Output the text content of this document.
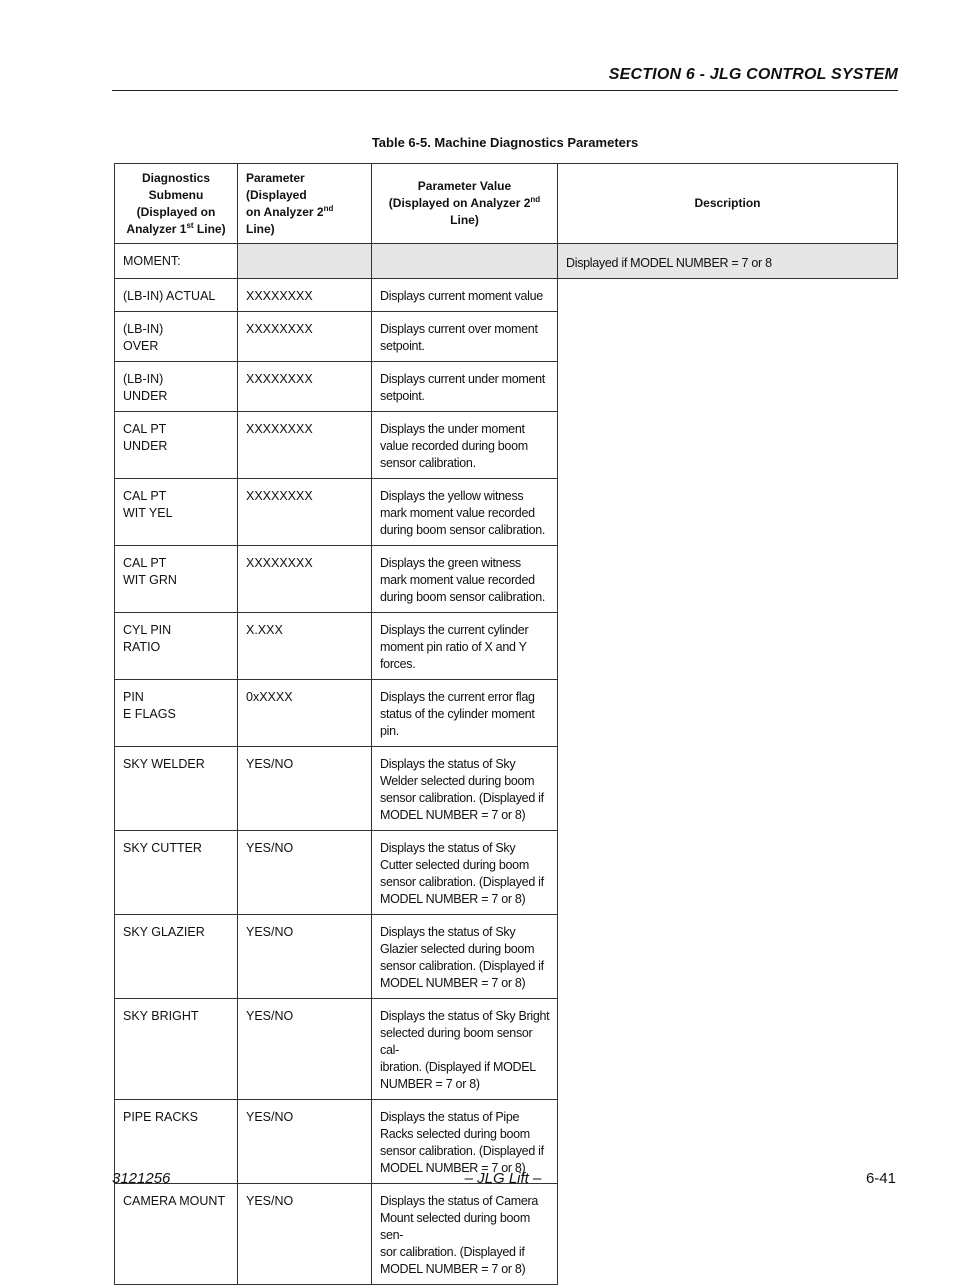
SECTION 6 - JLG CONTROL SYSTEM
Table 6-5. Machine Diagnostics Parameters
Diagnostics
Submenu
(Displayed on
Analyzer 1st Line)	Parameter (Displayed
on Analyzer 2nd Line)	Parameter Value
(Displayed on Analyzer 2nd
Line)	Description

MOMENT:			Displayed if MODEL NUMBER = 7 or 8

(LB-IN) ACTUAL	XXXXXXXX	Displays current moment value	

(LB-IN)
OVER	XXXXXXXX	Displays current over moment setpoint.	

(LB-IN)
UNDER	XXXXXXXX	Displays current under moment setpoint.	

CAL PT
UNDER	XXXXXXXX	Displays the under moment value recorded during boom sensor calibration.	

CAL PT
WIT YEL	XXXXXXXX	Displays the yellow witness mark moment value recorded during boom sensor calibration.	

CAL PT
WIT GRN	XXXXXXXX	Displays the green witness mark moment value recorded during boom sensor calibration.	

CYL PIN
RATIO	X.XXX	Displays the current cylinder moment pin ratio of X and Y forces.	

PIN
E FLAGS	0xXXXX	Displays the current error flag status of the cylinder moment pin.	

SKY WELDER	YES/NO	Displays the status of Sky Welder selected during boom sensor calibration. (Displayed if MODEL NUMBER = 7 or 8)	

SKY CUTTER	YES/NO	Displays the status of Sky Cutter selected during boom sensor calibration. (Displayed if MODEL NUMBER = 7 or 8)	

SKY GLAZIER	YES/NO	Displays the status of Sky Glazier selected during boom sensor calibration. (Displayed if MODEL NUMBER = 7 or 8)	

SKY BRIGHT	YES/NO	Displays the status of Sky Bright selected during boom sensor cal-
ibration. (Displayed if MODEL NUMBER = 7 or 8)	

PIPE RACKS	YES/NO	Displays the status of Pipe Racks selected during boom sensor calibration. (Displayed if MODEL NUMBER = 7 or 8)	

CAMERA MOUNT	YES/NO	Displays the status of Camera Mount selected during boom sen-
sor calibration. (Displayed if MODEL NUMBER = 7 or 8)	
3121256	– JLG Lift –	6-41
